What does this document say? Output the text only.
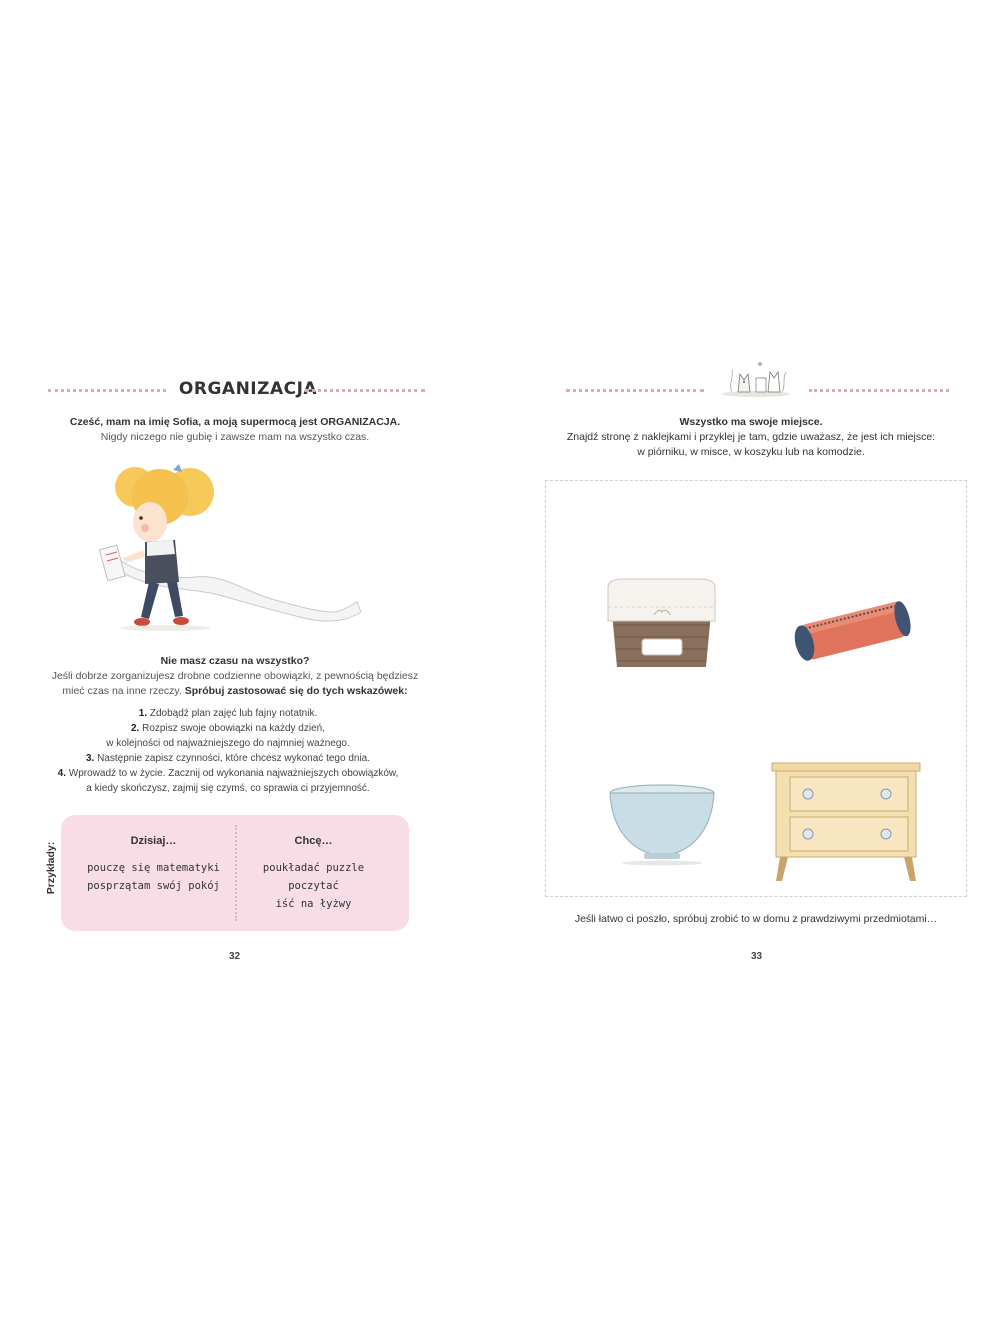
ORGANIZACJA
Cześć, mam na imię Sofia, a moją supermocą jest ORGANIZACJA.
Nigdy niczego nie gubię i zawsze mam na wszystko czas.
Nie masz czasu na wszystko?
Jeśli dobrze zorganizujesz drobne codzienne obowiązki, z pewnością będziesz
mieć czas na inne rzeczy. Spróbuj zastosować się do tych wskazówek:
1. Zdobądź plan zajęć lub fajny notatnik.
2. Rozpisz swoje obowiązki na każdy dzień,
w kolejności od najważniejszego do najmniej ważnego.
3. Następnie zapisz czynności, które chcesz wykonać tego dnia.
4. Wprowadź to w życie. Zacznij od wykonania najważniejszych obowiązków,
a kiedy skończysz, zajmij się czymś, co sprawia ci przyjemność.
Przykłady:
Dzisiaj…
pouczę się matematyki
posprzątam swój pokój
Chcę…
poukładać puzzle
poczytać
iść na łyżwy
32
Wszystko ma swoje miejsce.
Znajdź stronę z naklejkami i przyklej je tam, gdzie uważasz, że jest ich miejsce:
w piórniku, w misce, w koszyku lub na komodzie.
Jeśli łatwo ci poszło, spróbuj zrobić to w domu z prawdziwymi przedmiotami…
33
